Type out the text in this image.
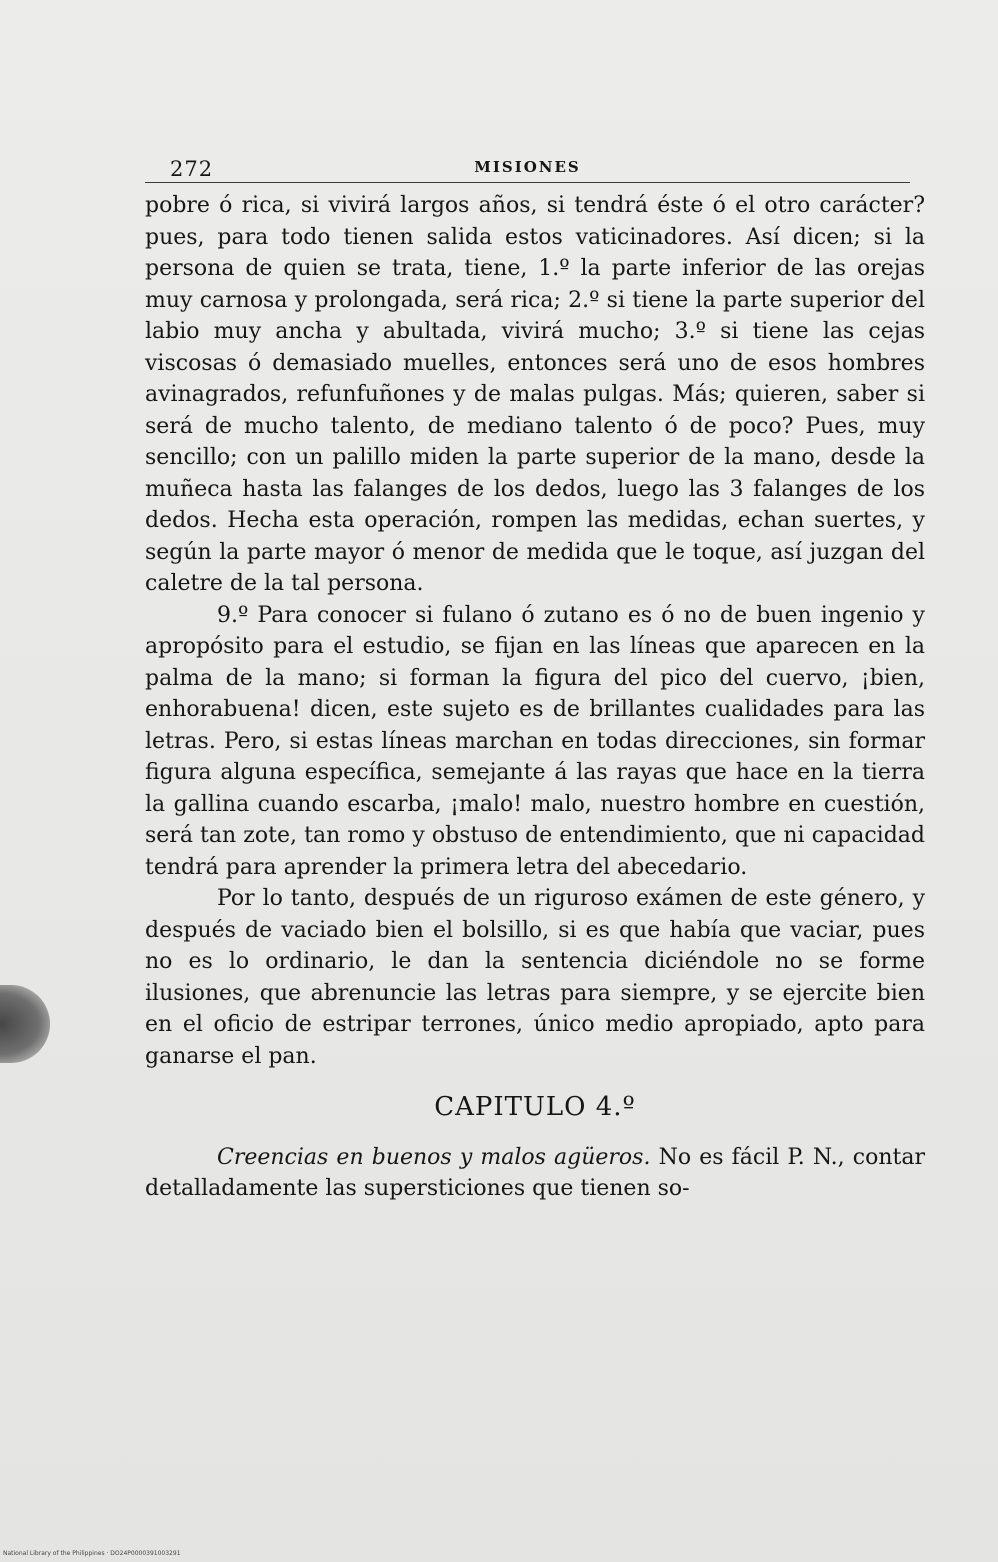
272	MISIONES

pobre ó rica, si vivirá largos años, si tendrá éste ó el otro carácter? pues, para todo tienen salida estos vaticinadores. Así dicen; si la persona de quien se trata, tiene, 1.º la parte inferior de las orejas muy carnosa y prolongada, será rica; 2.º si tiene la parte superior del labio muy ancha y abultada, vivirá mucho; 3.º si tiene las cejas viscosas ó demasiado muelles, entonces será uno de esos hombres avinagrados, refunfuñones y de malas pulgas. Más; quieren, saber si será de mucho talento, de mediano talento ó de poco? Pues, muy sencillo; con un palillo miden la parte superior de la mano, desde la muñeca hasta las falanges de los dedos, luego las 3 falanges de los dedos. Hecha esta operación, rompen las medidas, echan suertes, y según la parte mayor ó menor de medida que le toque, así juzgan del caletre de la tal persona.

9.º Para conocer si fulano ó zutano es ó no de buen ingenio y apropósito para el estudio, se fijan en las líneas que aparecen en la palma de la mano; si forman la figura del pico del cuervo, ¡bien, enhorabuena! dicen, este sujeto es de brillantes cualidades para las letras. Pero, si estas líneas marchan en todas direcciones, sin formar figura alguna específica, semejante á las rayas que hace en la tierra la gallina cuando escarba, ¡malo! malo, nuestro hombre en cuestión, será tan zote, tan romo y obstuso de entendimiento, que ni capacidad tendrá para aprender la primera letra del abecedario.

Por lo tanto, después de un riguroso exámen de este género, y después de vaciado bien el bolsillo, si es que había que vaciar, pues no es lo ordinario, le dan la sentencia diciéndole no se forme ilusiones, que abrenuncie las letras para siempre, y se ejercite bien en el oficio de estripar terrones, único medio apropiado, apto para ganarse el pan.

CAPITULO 4.º

Creencias en buenos y malos agüeros. No es fácil P. N., contar detalladamente las supersticiones que tienen so-

National Library of the Philippines · DO24P0000391003291
